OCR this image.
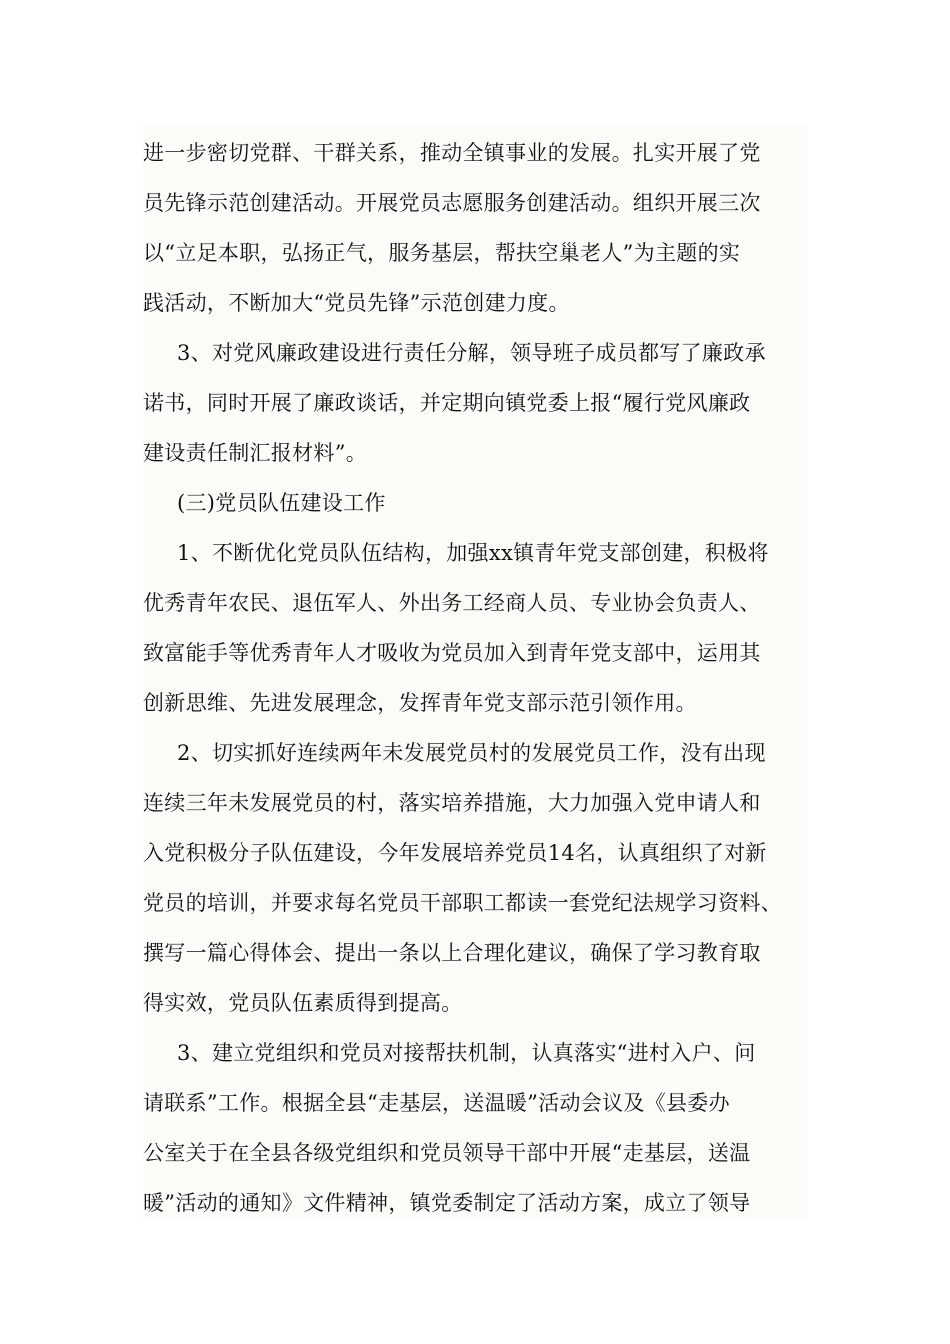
进一步密切党群、干群关系，推动全镇事业的发展。扎实开展了党
员先锋示范创建活动。开展党员志愿服务创建活动。组织开展三次
以“立足本职，弘扬正气，服务基层，帮扶空巢老人”为主题的实
践活动，不断加大“党员先锋”示范创建力度。
3、对党风廉政建设进行责任分解，领导班子成员都写了廉政承
诺书，同时开展了廉政谈话，并定期向镇党委上报“履行党风廉政
建设责任制汇报材料”。
(三)党员队伍建设工作
1、不断优化党员队伍结构，加强xx镇青年党支部创建，积极将
优秀青年农民、退伍军人、外出务工经商人员、专业协会负责人、
致富能手等优秀青年人才吸收为党员加入到青年党支部中，运用其
创新思维、先进发展理念，发挥青年党支部示范引领作用。
2、切实抓好连续两年未发展党员村的发展党员工作，没有出现
连续三年未发展党员的村，落实培养措施，大力加强入党申请人和
入党积极分子队伍建设，今年发展培养党员14名，认真组织了对新
党员的培训，并要求每名党员干部职工都读一套党纪法规学习资料、
撰写一篇心得体会、提出一条以上合理化建议，确保了学习教育取
得实效，党员队伍素质得到提高。
3、建立党组织和党员对接帮扶机制，认真落实“进村入户、问
请联系”工作。根据全县“走基层，送温暖”活动会议及《县委办
公室关于在全县各级党组织和党员领导干部中开展“走基层，送温
暖”活动的通知》文件精神，镇党委制定了活动方案，成立了领导
